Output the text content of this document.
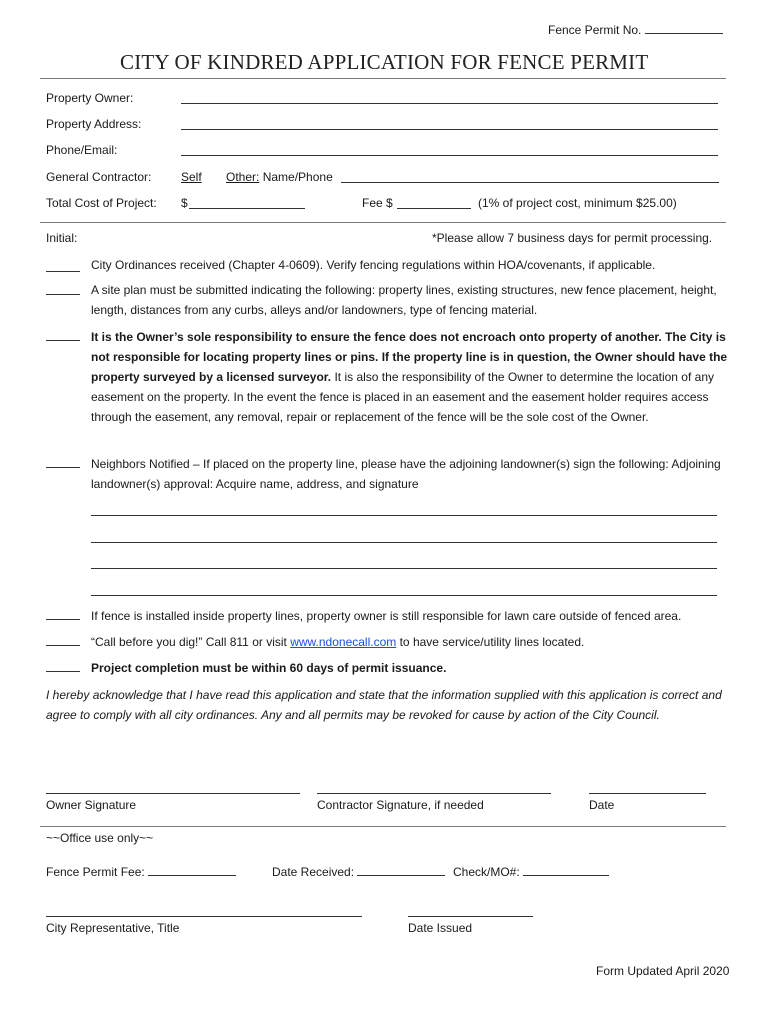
Fence Permit No.
CITY OF KINDRED APPLICATION FOR FENCE PERMIT
Property Owner:
Property Address:
Phone/Email:
General Contractor: Self Other: Name/Phone
Total Cost of Project: $	Fee $	(1% of project cost, minimum $25.00)
Initial:	*Please allow 7 business days for permit processing.
City Ordinances received (Chapter 4-0609). Verify fencing regulations within HOA/covenants, if applicable.
A site plan must be submitted indicating the following: property lines, existing structures, new fence placement, height, length, distances from any curbs, alleys and/or landowners, type of fencing material.
It is the Owner’s sole responsibility to ensure the fence does not encroach onto property of another. The City is not responsible for locating property lines or pins. If the property line is in question, the Owner should have the property surveyed by a licensed surveyor. It is also the responsibility of the Owner to determine the location of any easement on the property. In the event the fence is placed in an easement and the easement holder requires access through the easement, any removal, repair or replacement of the fence will be the sole cost of the Owner.
Neighbors Notified – If placed on the property line, please have the adjoining landowner(s) sign the following: Adjoining landowner(s) approval: Acquire name, address, and signature
If fence is installed inside property lines, property owner is still responsible for lawn care outside of fenced area.
“Call before you dig!” Call 811 or visit www.ndonecall.com to have service/utility lines located.
Project completion must be within 60 days of permit issuance.
I hereby acknowledge that I have read this application and state that the information supplied with this application is correct and agree to comply with all city ordinances. Any and all permits may be revoked for cause by action of the City Council.
Owner Signature	Contractor Signature, if needed	Date
~~Office use only~~
Fence Permit Fee:	Date Received:	Check/MO#:
City Representative, Title	Date Issued
Form Updated April 2020
